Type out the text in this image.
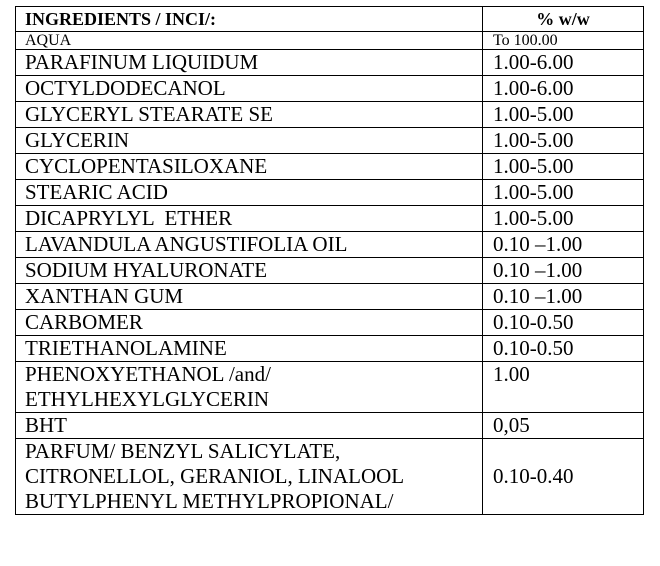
INGREDIENTS / INCI/:	% w/w

AQUA	To 100.00

PARAFINUM LIQUIDUM	1.00-6.00

OCTYLDODECANOL	1.00-6.00

GLYCERYL STEARATE SE	1.00-5.00

GLYCERIN	1.00-5.00

CYCLOPENTASILOXANE	1.00-5.00

STEARIC ACID	1.00-5.00

DICAPRYLYL  ETHER	1.00-5.00

LAVANDULA ANGUSTIFOLIA OIL	0.10 –1.00

SODIUM HYALURONATE	0.10 –1.00

XANTHAN GUM	0.10 –1.00

CARBOMER	0.10-0.50

TRIETHANOLAMINE	0.10-0.50

PHENOXYETHANOL /and/
ETHYLHEXYLGLYCERIN	1.00

BHT	0,05

PARFUM/ BENZYL SALICYLATE,
CITRONELLOL, GERANIOL, LINALOOL
BUTYLPHENYL METHYLPROPIONAL/	0.10-0.40
